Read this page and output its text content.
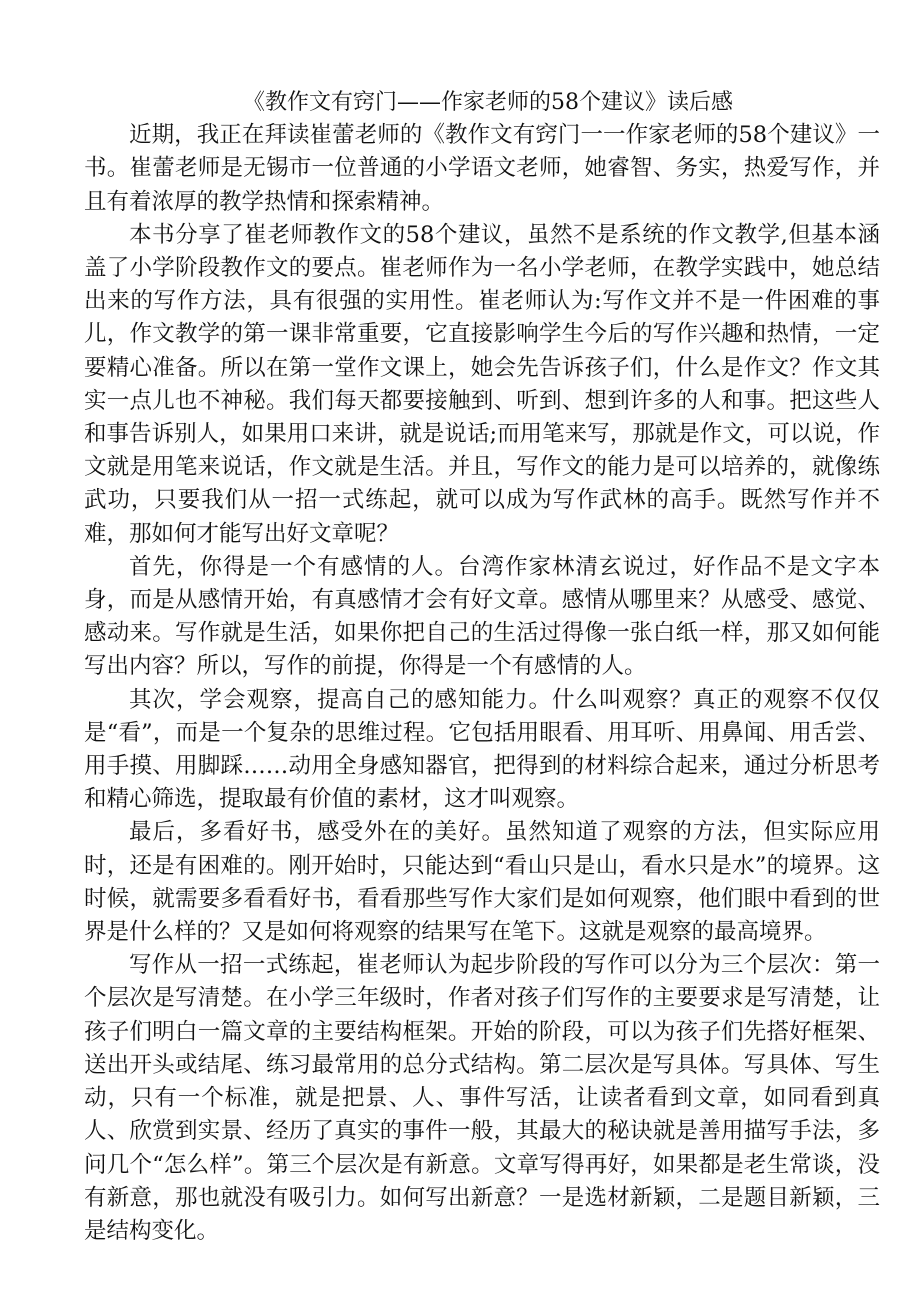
《教作文有窍门——作家老师的58个建议》读后感

近期，我正在拜读崔蕾老师的《教作文有窍门一一作家老师的58个建议》一书。崔蕾老师是无锡市一位普通的小学语文老师，她睿智、务实，热爱写作，并且有着浓厚的教学热情和探索精神。

本书分享了崔老师教作文的58个建议，虽然不是系统的作文教学,但基本涵盖了小学阶段教作文的要点。崔老师作为一名小学老师，在教学实践中，她总结出来的写作方法，具有很强的实用性。崔老师认为:写作文并不是一件困难的事儿，作文教学的第一课非常重要，它直接影响学生今后的写作兴趣和热情，一定要精心准备。所以在第一堂作文课上，她会先告诉孩子们，什么是作文？作文其实一点儿也不神秘。我们每天都要接触到、听到、想到许多的人和事。把这些人和事告诉别人，如果用口来讲，就是说话;而用笔来写，那就是作文，可以说，作文就是用笔来说话，作文就是生活。并且，写作文的能力是可以培养的，就像练武功，只要我们从一招一式练起，就可以成为写作武林的高手。既然写作并不难，那如何才能写出好文章呢？

首先，你得是一个有感情的人。台湾作家林清玄说过，好作品不是文字本身，而是从感情开始，有真感情才会有好文章。感情从哪里来？从感受、感觉、感动来。写作就是生活，如果你把自己的生活过得像一张白纸一样，那又如何能写出内容？所以，写作的前提，你得是一个有感情的人。

其次，学会观察，提高自己的感知能力。什么叫观察？真正的观察不仅仅是“看”，而是一个复杂的思维过程。它包括用眼看、用耳听、用鼻闻、用舌尝、用手摸、用脚踩……动用全身感知器官，把得到的材料综合起来，通过分析思考和精心筛选，提取最有价值的素材，这才叫观察。

最后，多看好书，感受外在的美好。虽然知道了观察的方法，但实际应用时，还是有困难的。刚开始时，只能达到“看山只是山，看水只是水”的境界。这时候，就需要多看看好书，看看那些写作大家们是如何观察，他们眼中看到的世界是什么样的？又是如何将观察的结果写在笔下。这就是观察的最高境界。

写作从一招一式练起，崔老师认为起步阶段的写作可以分为三个层次：第一个层次是写清楚。在小学三年级时，作者对孩子们写作的主要要求是写清楚，让孩子们明白一篇文章的主要结构框架。开始的阶段，可以为孩子们先搭好框架、送出开头或结尾、练习最常用的总分式结构。第二层次是写具体。写具体、写生动，只有一个标准，就是把景、人、事件写活，让读者看到文章，如同看到真人、欣赏到实景、经历了真实的事件一般，其最大的秘诀就是善用描写手法，多问几个“怎么样”。第三个层次是有新意。文章写得再好，如果都是老生常谈，没有新意，那也就没有吸引力。如何写出新意？一是选材新颖，二是题目新颖，三是结构变化。
